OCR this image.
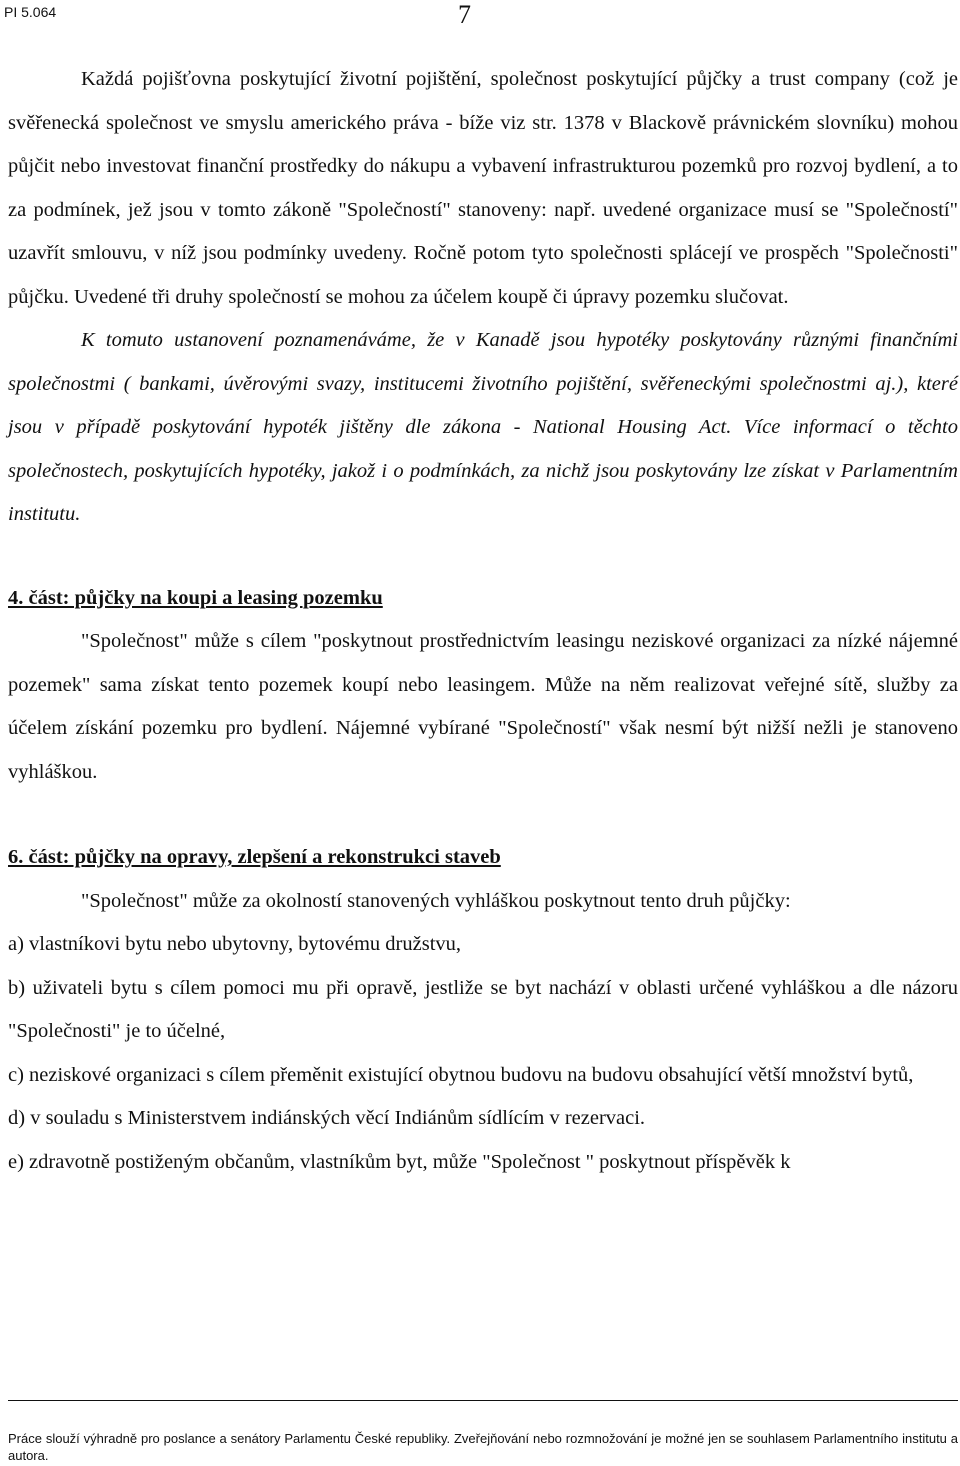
PI 5.064	7

Každá pojišťovna poskytující životní pojištění, společnost poskytující půjčky a trust company (což je svěřenecká společnost ve smyslu amerického práva - bíže viz str. 1378 v Blackově právnickém slovníku) mohou půjčit nebo investovat finanční prostředky do nákupu a vybavení infrastrukturou pozemků pro rozvoj bydlení, a to za podmínek, jež jsou v tomto zákoně "Společností" stanoveny: např. uvedené organizace musí se "Společností" uzavřít smlouvu, v níž jsou podmínky uvedeny. Ročně potom tyto společnosti splácejí ve prospěch "Společnosti" půjčku. Uvedené tři druhy společností se mohou za účelem koupě či úpravy pozemku slučovat.

K tomuto ustanovení poznamenáváme, že v Kanadě jsou hypotéky poskytovány různými finančními společnostmi ( bankami, úvěrovými svazy, institucemi životního pojištění, svěřeneckými společnostmi aj.), které jsou v případě poskytování hypoték jištěny dle zákona - National Housing Act. Více informací o těchto společnostech, poskytujících hypotéky, jakož i o podmínkách, za nichž jsou poskytovány lze získat v Parlamentním institutu.

4. část: půjčky na koupi a leasing pozemku

"Společnost" může s cílem "poskytnout prostřednictvím leasingu neziskové organizaci za nízké nájemné pozemek" sama získat tento pozemek koupí nebo leasingem. Může na něm realizovat veřejné sítě, služby za účelem získání pozemku pro bydlení. Nájemné vybírané "Společností" však nesmí být nižší nežli je stanoveno vyhláškou.

6. část: půjčky na opravy, zlepšení a rekonstrukci staveb

"Společnost" může za okolností stanovených vyhláškou poskytnout tento druh půjčky:

a) vlastníkovi bytu nebo ubytovny, bytovému družstvu,

b) uživateli bytu s cílem pomoci mu při opravě, jestliže se byt nachází v oblasti určené vyhláškou a dle názoru "Společnosti" je to účelné,

c) neziskové organizaci s cílem přeměnit existující obytnou budovu na budovu obsahující větší množství bytů,

d) v souladu s Ministerstvem indiánských věcí Indiánům sídlícím v rezervaci.

e) zdravotně postiženým občanům, vlastníkům byt, může "Společnost " poskytnout příspěvěk k

Práce slouží výhradně pro poslance a senátory Parlamentu České republiky. Zveřejňování nebo rozmnožování je možné jen se souhlasem Parlamentního institutu a autora.
